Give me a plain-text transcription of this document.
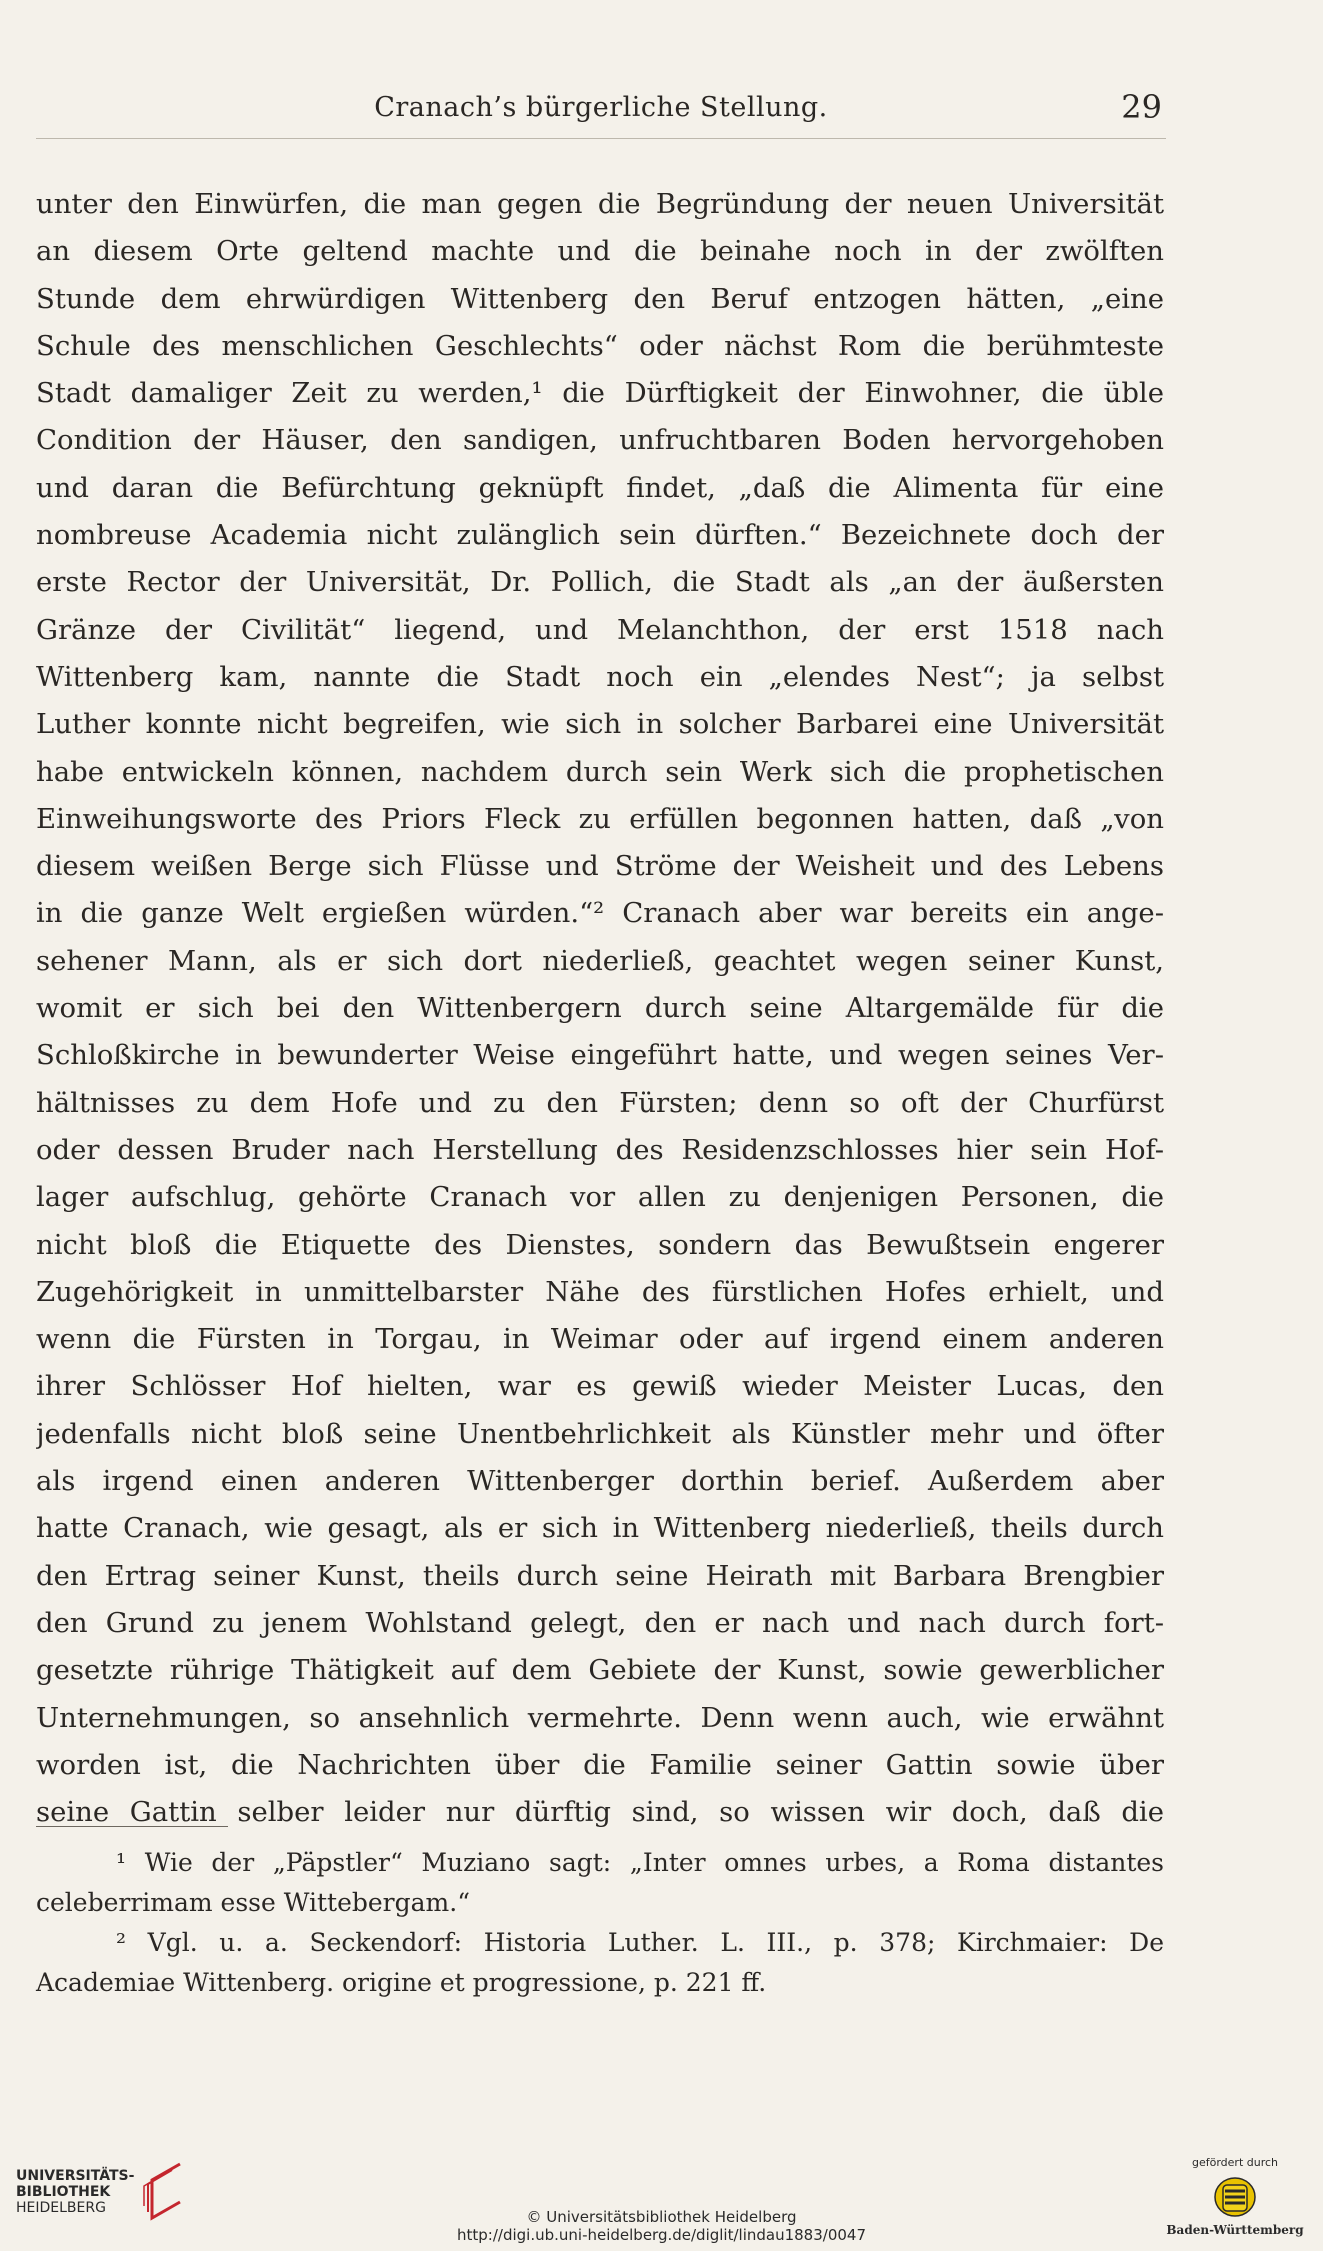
Cranach’s bürgerliche Stellung.	29
unter den Einwürfen, die man gegen die Begründung der neuen Universität
an diesem Orte geltend machte und die beinahe noch in der zwölften
Stunde dem ehrwürdigen Wittenberg den Beruf entzogen hätten, „eine
Schule des menschlichen Geschlechts“ oder nächst Rom die berühmteste
Stadt damaliger Zeit zu werden,¹ die Dürftigkeit der Einwohner, die üble
Condition der Häuser, den sandigen, unfruchtbaren Boden hervorgehoben
und daran die Befürchtung geknüpft findet, „daß die Alimenta für eine
nombreuse Academia nicht zulänglich sein dürften.“ Bezeichnete doch der
erste Rector der Universität, Dr. Pollich, die Stadt als „an der äußersten
Gränze der Civilität“ liegend, und Melanchthon, der erst 1518 nach
Wittenberg kam, nannte die Stadt noch ein „elendes Nest“; ja selbst
Luther konnte nicht begreifen, wie sich in solcher Barbarei eine Universität
habe entwickeln können, nachdem durch sein Werk sich die prophetischen
Einweihungsworte des Priors Fleck zu erfüllen begonnen hatten, daß „von
diesem weißen Berge sich Flüsse und Ströme der Weisheit und des Lebens
in die ganze Welt ergießen würden.“² Cranach aber war bereits ein ange-
sehener Mann, als er sich dort niederließ, geachtet wegen seiner Kunst,
womit er sich bei den Wittenbergern durch seine Altargemälde für die
Schloßkirche in bewunderter Weise eingeführt hatte, und wegen seines Ver-
hältnisses zu dem Hofe und zu den Fürsten; denn so oft der Churfürst
oder dessen Bruder nach Herstellung des Residenzschlosses hier sein Hof-
lager aufschlug, gehörte Cranach vor allen zu denjenigen Personen, die
nicht bloß die Etiquette des Dienstes, sondern das Bewußtsein engerer
Zugehörigkeit in unmittelbarster Nähe des fürstlichen Hofes erhielt, und
wenn die Fürsten in Torgau, in Weimar oder auf irgend einem anderen
ihrer Schlösser Hof hielten, war es gewiß wieder Meister Lucas, den
jedenfalls nicht bloß seine Unentbehrlichkeit als Künstler mehr und öfter
als irgend einen anderen Wittenberger dorthin berief. Außerdem aber
hatte Cranach, wie gesagt, als er sich in Wittenberg niederließ, theils durch
den Ertrag seiner Kunst, theils durch seine Heirath mit Barbara Brengbier
den Grund zu jenem Wohlstand gelegt, den er nach und nach durch fort-
gesetzte rührige Thätigkeit auf dem Gebiete der Kunst, sowie gewerblicher
Unternehmungen, so ansehnlich vermehrte. Denn wenn auch, wie erwähnt
worden ist, die Nachrichten über die Familie seiner Gattin sowie über
seine Gattin selber leider nur dürftig sind, so wissen wir doch, daß die
¹ Wie der „Päpstler“ Muziano sagt: „Inter omnes urbes, a Roma distantes
celeberrimam esse Wittebergam.“
² Vgl. u. a. Seckendorf: Historia Luther. L. III., p. 378; Kirchmaier: De
Academiae Wittenberg. origine et progressione, p. 221 ff.
UNIVERSITÄTS-
BIBLIOTHEK
HEIDELBERG	© Universitätsbibliothek Heidelberg
http://digi.ub.uni-heidelberg.de/diglit/lindau1883/0047
gefördert durch
Baden-Württemberg
